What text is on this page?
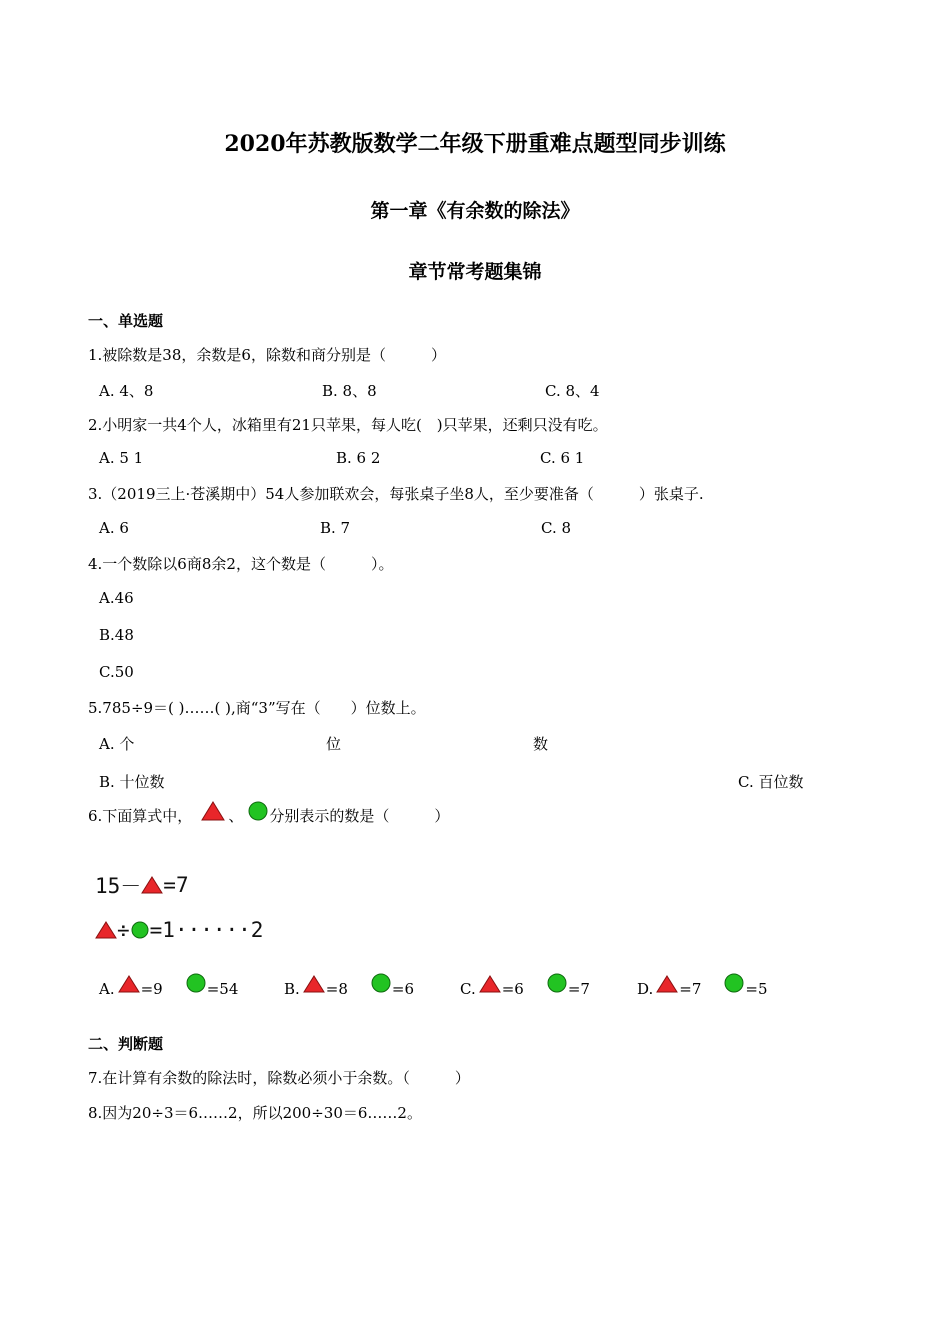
2020年苏教版数学二年级下册重难点题型同步训练
第一章《有余数的除法》
章节常考题集锦
一、单选题
1.被除数是38，余数是6，除数和商分别是（　　　）
A. 4、8	B. 8、8	C. 8、4
2.小明家一共4个人，冰箱里有21只苹果，每人吃(　)只苹果，还剩只没有吃。
A. 5 1	B. 6 2	C. 6 1
3.（2019三上·苍溪期中）54人参加联欢会，每张桌子坐8人，至少要准备（　　　）张桌子.
A. 6	B. 7	C. 8
4.一个数除以6商8余2，这个数是（　　　）。
A.46
B.48
C.50
5.785÷9＝( )……( ),商“3”写在（　　）位数上。
A. 个	位	数
B. 十位数	C. 百位数
6.下面算式中， 、 分别表示的数是（　　　）
15－ =7
÷ =1······2
A. =9	=54	B. =8	=6	C. =6	=7	D. =7	=5
二、判断题
7.在计算有余数的除法时，除数必须小于余数。（　　　）
8.因为20÷3＝6……2，所以200÷30＝6……2。
